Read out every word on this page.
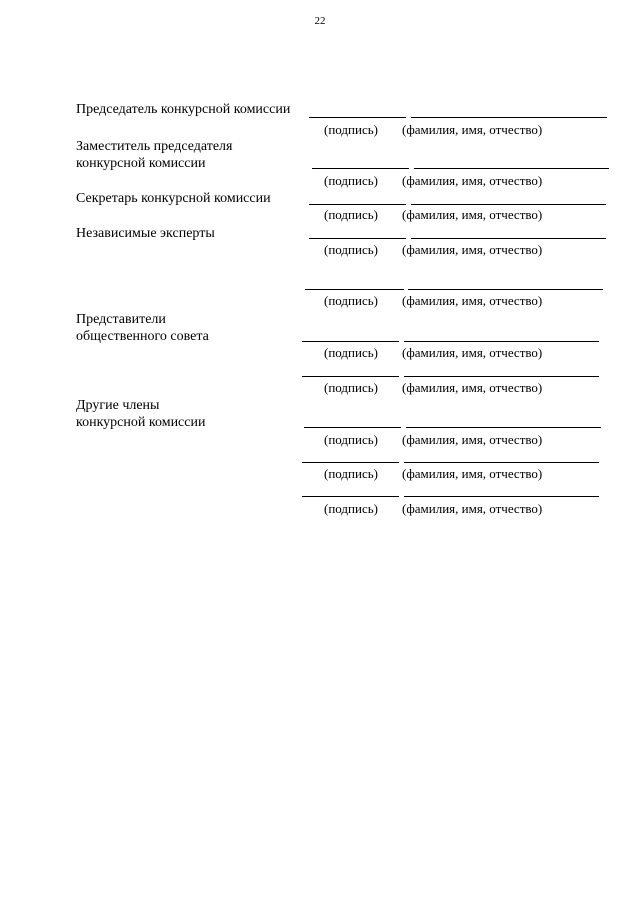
22
Председатель конкурсной комиссии
(подпись) (фамилия, имя, отчество)
Заместитель председателя
конкурсной комиссии
(подпись) (фамилия, имя, отчество)
Секретарь конкурсной комиссии
(подпись) (фамилия, имя, отчество)
Независимые эксперты
(подпись) (фамилия, имя, отчество)
(подпись) (фамилия, имя, отчество)
Представители
общественного совета
(подпись) (фамилия, имя, отчество)
(подпись) (фамилия, имя, отчество)
Другие члены
конкурсной комиссии
(подпись) (фамилия, имя, отчество)
(подпись) (фамилия, имя, отчество)
(подпись) (фамилия, имя, отчество)
